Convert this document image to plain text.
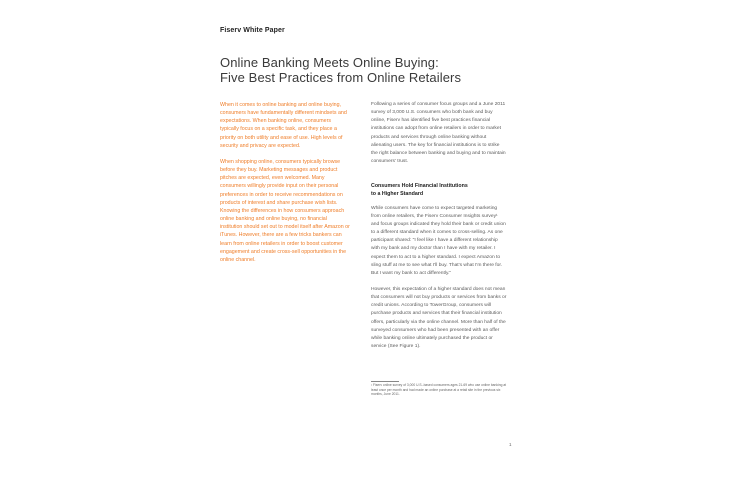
Fiserv White Paper
Online Banking Meets Online Buying:
Five Best Practices from Online Retailers

When it comes to online banking and online buying, consumers have fundamentally different mindsets and expectations. When banking online, consumers typically focus on a specific task, and they place a priority on both utility and ease of use. High levels of security and privacy are expected.

When shopping online, consumers typically browse before they buy. Marketing messages and product pitches are expected, even welcomed. Many consumers willingly provide input on their personal preferences in order to receive recommendations on products of interest and share purchase wish lists. Knowing the differences in how consumers approach online banking and online buying, no financial institution should set out to model itself after Amazon or iTunes. However, there are a few tricks bankers can learn from online retailers in order to boost customer engagement and create cross-sell opportunities in the online channel.

Following a series of consumer focus groups and a June 2011 survey of 3,000 U.S. consumers who both bank and buy online, Fiserv has identified five best practices financial institutions can adopt from online retailers in order to market products and services through online banking without alienating users. The key for financial institutions is to strike the right balance between banking and buying and to maintain consumers' trust.

Consumers Hold Financial Institutions to a Higher Standard

While consumers have come to expect targeted marketing from online retailers, the Fiserv Consumer Insights survey¹ and focus groups indicated they hold their bank or credit union to a different standard when it comes to cross-selling. As one participant shared: "I feel like I have a different relationship with my bank and my doctor than I have with my retailer. I expect them to act to a higher standard. I expect Amazon to sling stuff at me to see what I'll buy. That's what I'm there for. But I want my bank to act differently."

However, this expectation of a higher standard does not mean that consumers will not buy products or services from banks or credit unions. According to TowerGroup, consumers will purchase products and services that their financial institution offers, particularly via the online channel. More than half of the surveyed consumers who had been presented with an offer while banking online ultimately purchased the product or service (See Figure 1).

¹ Fiserv online survey of 3,000 U.S.-based consumers ages 21-69 who use online banking at least once per month and had made an online purchase at a retail site in the previous six months, June 2011.
1
